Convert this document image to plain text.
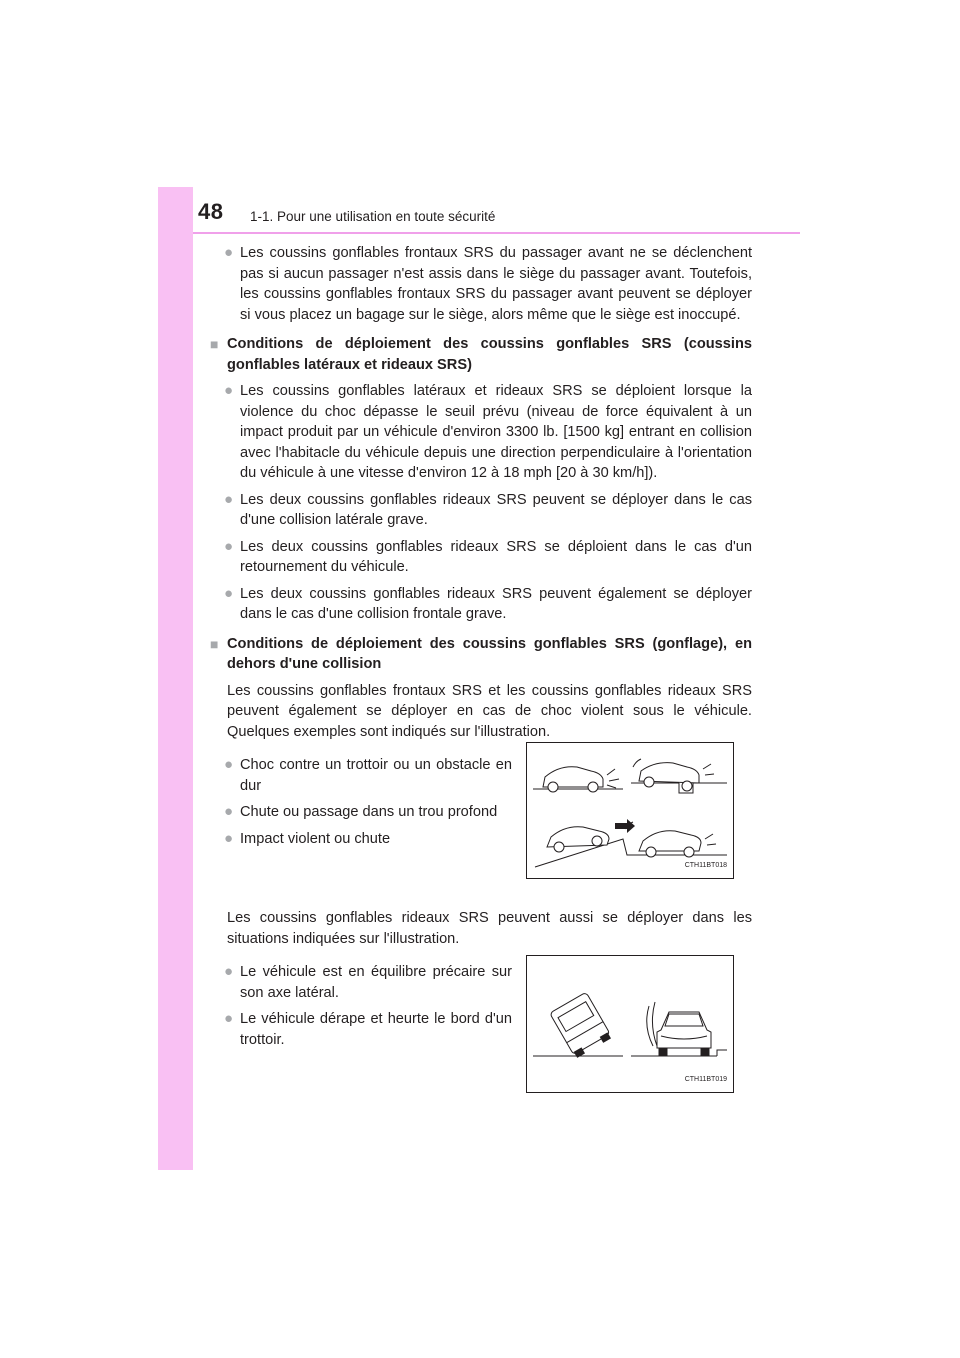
48 1-1. Pour une utilisation en toute sécurité
● Les coussins gonflables frontaux SRS du passager avant ne se déclenchent pas si aucun passager n'est assis dans le siège du passager avant. Toutefois, les coussins gonflables frontaux SRS du passager avant peuvent se déployer si vous placez un bagage sur le siège, alors même que le siège est inoccupé.
■ Conditions de déploiement des coussins gonflables SRS (coussins gonflables latéraux et rideaux SRS)
● Les coussins gonflables latéraux et rideaux SRS se déploient lorsque la violence du choc dépasse le seuil prévu (niveau de force équivalent à un impact produit par un véhicule d'environ 3300 lb. [1500 kg] entrant en collision avec l'habitacle du véhicule depuis une direction perpendiculaire à l'orientation du véhicule à une vitesse d'environ 12 à 18 mph [20 à 30 km/h]).
● Les deux coussins gonflables rideaux SRS peuvent se déployer dans le cas d'une collision latérale grave.
● Les deux coussins gonflables rideaux SRS se déploient dans le cas d'un retournement du véhicule.
● Les deux coussins gonflables rideaux SRS peuvent également se déployer dans le cas d'une collision frontale grave.
■ Conditions de déploiement des coussins gonflables SRS (gonflage), en dehors d'une collision
Les coussins gonflables frontaux SRS et les coussins gonflables rideaux SRS peuvent également se déployer en cas de choc violent sous le véhicule. Quelques exemples sont indiqués sur l'illustration.
● Choc contre un trottoir ou un obstacle en dur
● Chute ou passage dans un trou profond
● Impact violent ou chute
CTH11BT018
Les coussins gonflables rideaux SRS peuvent aussi se déployer dans les situations indiquées sur l'illustration.
● Le véhicule est en équilibre précaire sur son axe latéral.
● Le véhicule dérape et heurte le bord d'un trottoir.
CTH11BT019
